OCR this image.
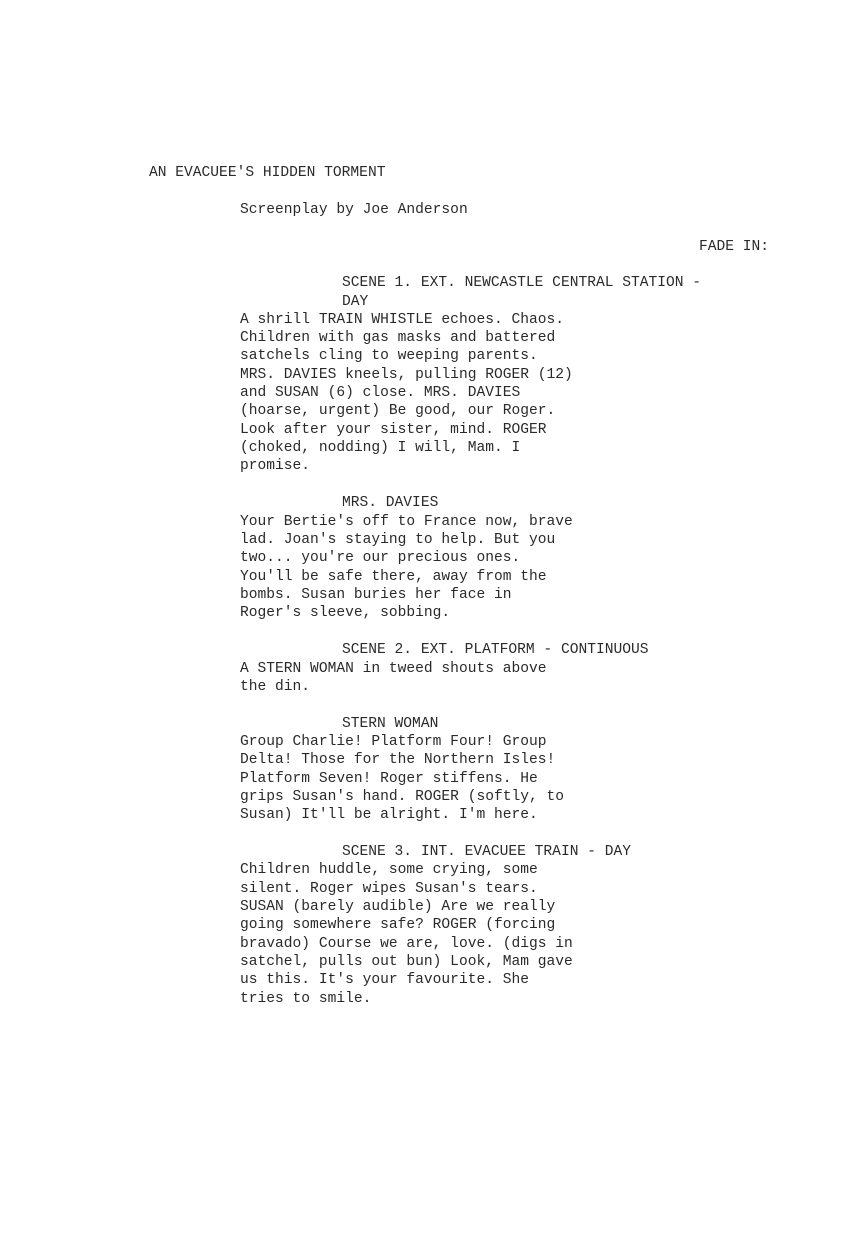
AN EVACUEE'S HIDDEN TORMENT
Screenplay by Joe Anderson
FADE IN:
SCENE 1. EXT. NEWCASTLE CENTRAL STATION -
DAY
A shrill TRAIN WHISTLE echoes. Chaos.
Children with gas masks and battered
satchels cling to weeping parents.
MRS. DAVIES kneels, pulling ROGER (12)
and SUSAN (6) close. MRS. DAVIES
(hoarse, urgent) Be good, our Roger.
Look after your sister, mind. ROGER
(choked, nodding) I will, Mam. I
promise.
MRS. DAVIES
Your Bertie's off to France now, brave
lad. Joan's staying to help. But you
two... you're our precious ones.
You'll be safe there, away from the
bombs. Susan buries her face in
Roger's sleeve, sobbing.
SCENE 2. EXT. PLATFORM - CONTINUOUS
A STERN WOMAN in tweed shouts above
the din.
STERN WOMAN
Group Charlie! Platform Four! Group
Delta! Those for the Northern Isles!
Platform Seven! Roger stiffens. He
grips Susan's hand. ROGER (softly, to
Susan) It'll be alright. I'm here.
SCENE 3. INT. EVACUEE TRAIN - DAY
Children huddle, some crying, some
silent. Roger wipes Susan's tears.
SUSAN (barely audible) Are we really
going somewhere safe? ROGER (forcing
bravado) Course we are, love. (digs in
satchel, pulls out bun) Look, Mam gave
us this. It's your favourite. She
tries to smile.
